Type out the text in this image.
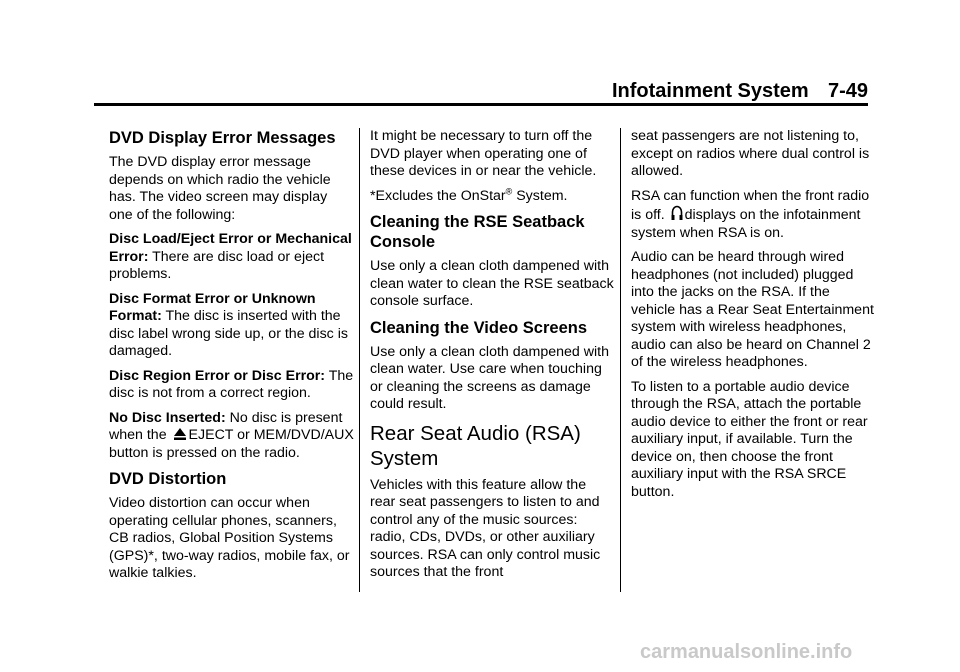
Infotainment System 7-49
DVD Display Error Messages

The DVD display error message depends on which radio the vehicle has. The video screen may display one of the following:

Disc Load/Eject Error or Mechanical Error: There are disc load or eject problems.

Disc Format Error or Unknown Format: The disc is inserted with the disc label wrong side up, or the disc is damaged.

Disc Region Error or Disc Error: The disc is not from a correct region.

No Disc Inserted: No disc is present when the EJECT or MEM/DVD/AUX button is pressed on the radio.

DVD Distortion

Video distortion can occur when operating cellular phones, scanners, CB radios, Global Position Systems (GPS)*, two-way radios, mobile fax, or walkie talkies.

It might be necessary to turn off the DVD player when operating one of these devices in or near the vehicle.

*Excludes the OnStar® System.

Cleaning the RSE Seatback Console

Use only a clean cloth dampened with clean water to clean the RSE seatback console surface.

Cleaning the Video Screens

Use only a clean cloth dampened with clean water. Use care when touching or cleaning the screens as damage could result.

Rear Seat Audio (RSA) System

Vehicles with this feature allow the rear seat passengers to listen to and control any of the music sources: radio, CDs, DVDs, or other auxiliary sources. RSA can only control music sources that the front

seat passengers are not listening to, except on radios where dual control is allowed.

RSA can function when the front radio is off. displays on the infotainment system when RSA is on.

Audio can be heard through wired headphones (not included) plugged into the jacks on the RSA. If the vehicle has a Rear Seat Entertainment system with wireless headphones, audio can also be heard on Channel 2 of the wireless headphones.

To listen to a portable audio device through the RSA, attach the portable audio device to either the front or rear auxiliary input, if available. Turn the device on, then choose the front auxiliary input with the RSA SRCE button.

carmanualsonline.info
